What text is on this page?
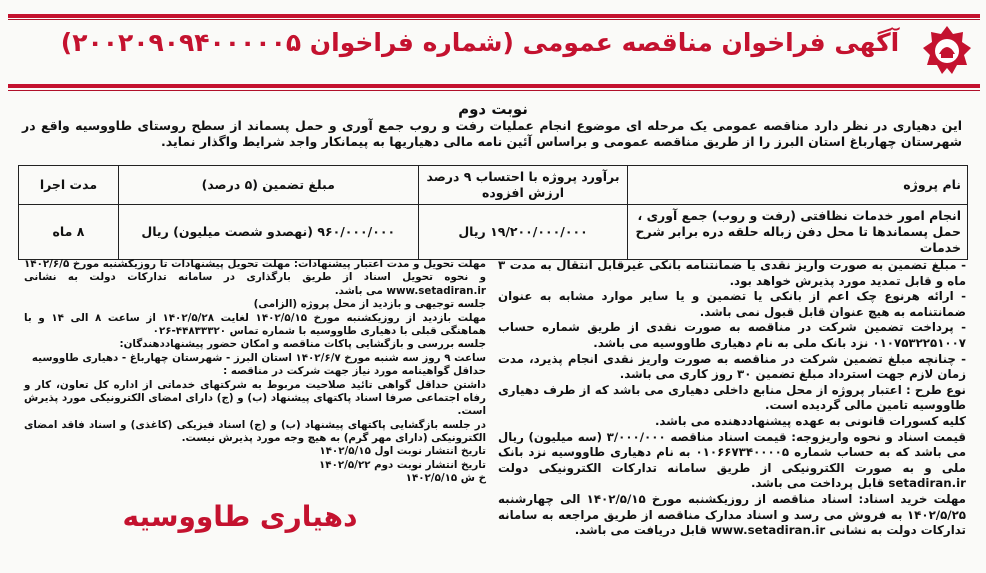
آگهی فراخوان مناقصه عمومی (شماره فراخوان ۲۰۰۲۰۹۰۹۴۰۰۰۰۰۵)
نوبت دوم
این دهیاری در نظر دارد مناقصه عمومی یک مرحله ای موضوع انجام عملیات رفت و روب جمع آوری و حمل پسماند از سطح روستای طاووسیه واقع در شهرستان چهارباغ استان البرز را از طریق مناقصه عمومی و براساس آئین نامه مالی دهیاریها به پیمانکار واجد شرایط واگذار نماید.
نام پروژه	برآورد پروژه با احتساب ۹ درصد ارزش افزوده	مبلغ تضمین (۵ درصد)	مدت اجرا
انجام امور خدمات نظافتی (رفت و روب) جمع آوری ، حمل پسماندها تا محل دفن زباله حلقه دره برابر شرح خدمات	۱۹/۲۰۰/۰۰۰/۰۰۰ ریال	۹۶۰/۰۰۰/۰۰۰ (نهصدو شصت میلیون) ریال	۸ ماه

- مبلغ تضمین به صورت واریز نقدی یا ضمانتنامه بانکی غیرقابل انتقال به مدت ۳ ماه و قابل تمدید مورد پذیرش خواهد بود.

- ارائه هرنوع چک اعم از بانکی یا تضمین و یا سایر موارد مشابه به عنوان ضمانتنامه به هیچ عنوان قابل قبول نمی باشد.

- پرداخت تضمین شرکت در مناقصه به صورت نقدی از طریق شماره حساب ۰۱۰۷۵۳۲۲۵۱۰۰۷ نزد بانک ملی به نام دهیاری طاووسیه می باشد.

- چنانچه مبلغ تضمین شرکت در مناقصه به صورت واریز نقدی انجام پذیرد، مدت زمان لازم جهت استرداد مبلغ تضمین ۳۰ روز کاری می باشد.

نوع طرح : اعتبار پروژه از محل منابع داخلی دهیاری می باشد که از طرف دهیاری طاووسیه تامین مالی گردیده است.

کلیه کسورات قانونی به عهده پیشنهاددهنده می باشد.

قیمت اسناد و نحوه واریزوجه: قیمت اسناد مناقصه ۳/۰۰۰/۰۰۰ (سه میلیون) ریال می باشد که به حساب شماره ۰۱۰۶۶۷۳۴۰۰۰۰۵ به نام دهیاری طاووسیه نزد بانک ملی و به صورت الکترونیکی از طریق سامانه تدارکات الکترونیکی دولت setadiran.ir قابل پرداخت می باشد.

مهلت خرید اسناد: اسناد مناقصه از روزیکشنبه مورخ ۱۴۰۲/۵/۱۵ الی چهارشنبه ۱۴۰۲/۵/۲۵ به فروش می رسد و اسناد مدارک مناقصه از طریق مراجعه به سامانه تدارکات دولت به نشانی www.setadiran.ir قابل دریافت می باشد.

مهلت تحویل و مدت اعتبار پیشنهادات: مهلت تحویل پیشنهادات تا روزیکشنبه مورخ ۱۴۰۲/۶/۵ و نحوه تحویل اسناد از طریق بارگذاری در سامانه تدارکات دولت به نشانی www.setadiran.ir می باشد.

جلسه توجیهی و بازدید از محل پروژه (الزامی)

مهلت بازدید از روزیکشنبه مورخ ۱۴۰۲/۵/۱۵ لغایت ۱۴۰۲/۵/۲۸ از ساعت ۸ الی ۱۴ و با هماهنگی قبلی با دهیاری طاووسیه با شماره تماس ۴۴۸۳۳۳۲۰-۰۲۶

جلسه بررسی و بازگشایی پاکات مناقصه و امکان حضور پیشنهاددهندگان:

ساعت ۹ روز سه شنبه مورخ ۱۴۰۲/۶/۷ استان البرز - شهرستان چهارباغ - دهیاری طاووسیه

حداقل گواهینامه مورد نیاز جهت شرکت در مناقصه :

داشتن حداقل گواهی تائید صلاحیت مربوط به شرکتهای خدماتی از اداره کل تعاون، کار و رفاه اجتماعی صرفا اسناد پاکتهای پیشنهاد (ب) و (ج) دارای امضای الکترونیکی مورد پذیرش است.

در جلسه بازگشایی پاکتهای پیشنهاد (ب) و (ج) اسناد فیزیکی (کاغذی) و اسناد فاقد امضای الکترونیکی (دارای مهر گرم) به هیچ وجه مورد پذیرش نیست.

تاریخ انتشار نوبت اول ۱۴۰۲/۵/۱۵

تاریخ انتشار نوبت دوم ۱۴۰۲/۵/۲۲

خ ش ۱۴۰۲/۵/۱۵

دهیاری طاووسیه
